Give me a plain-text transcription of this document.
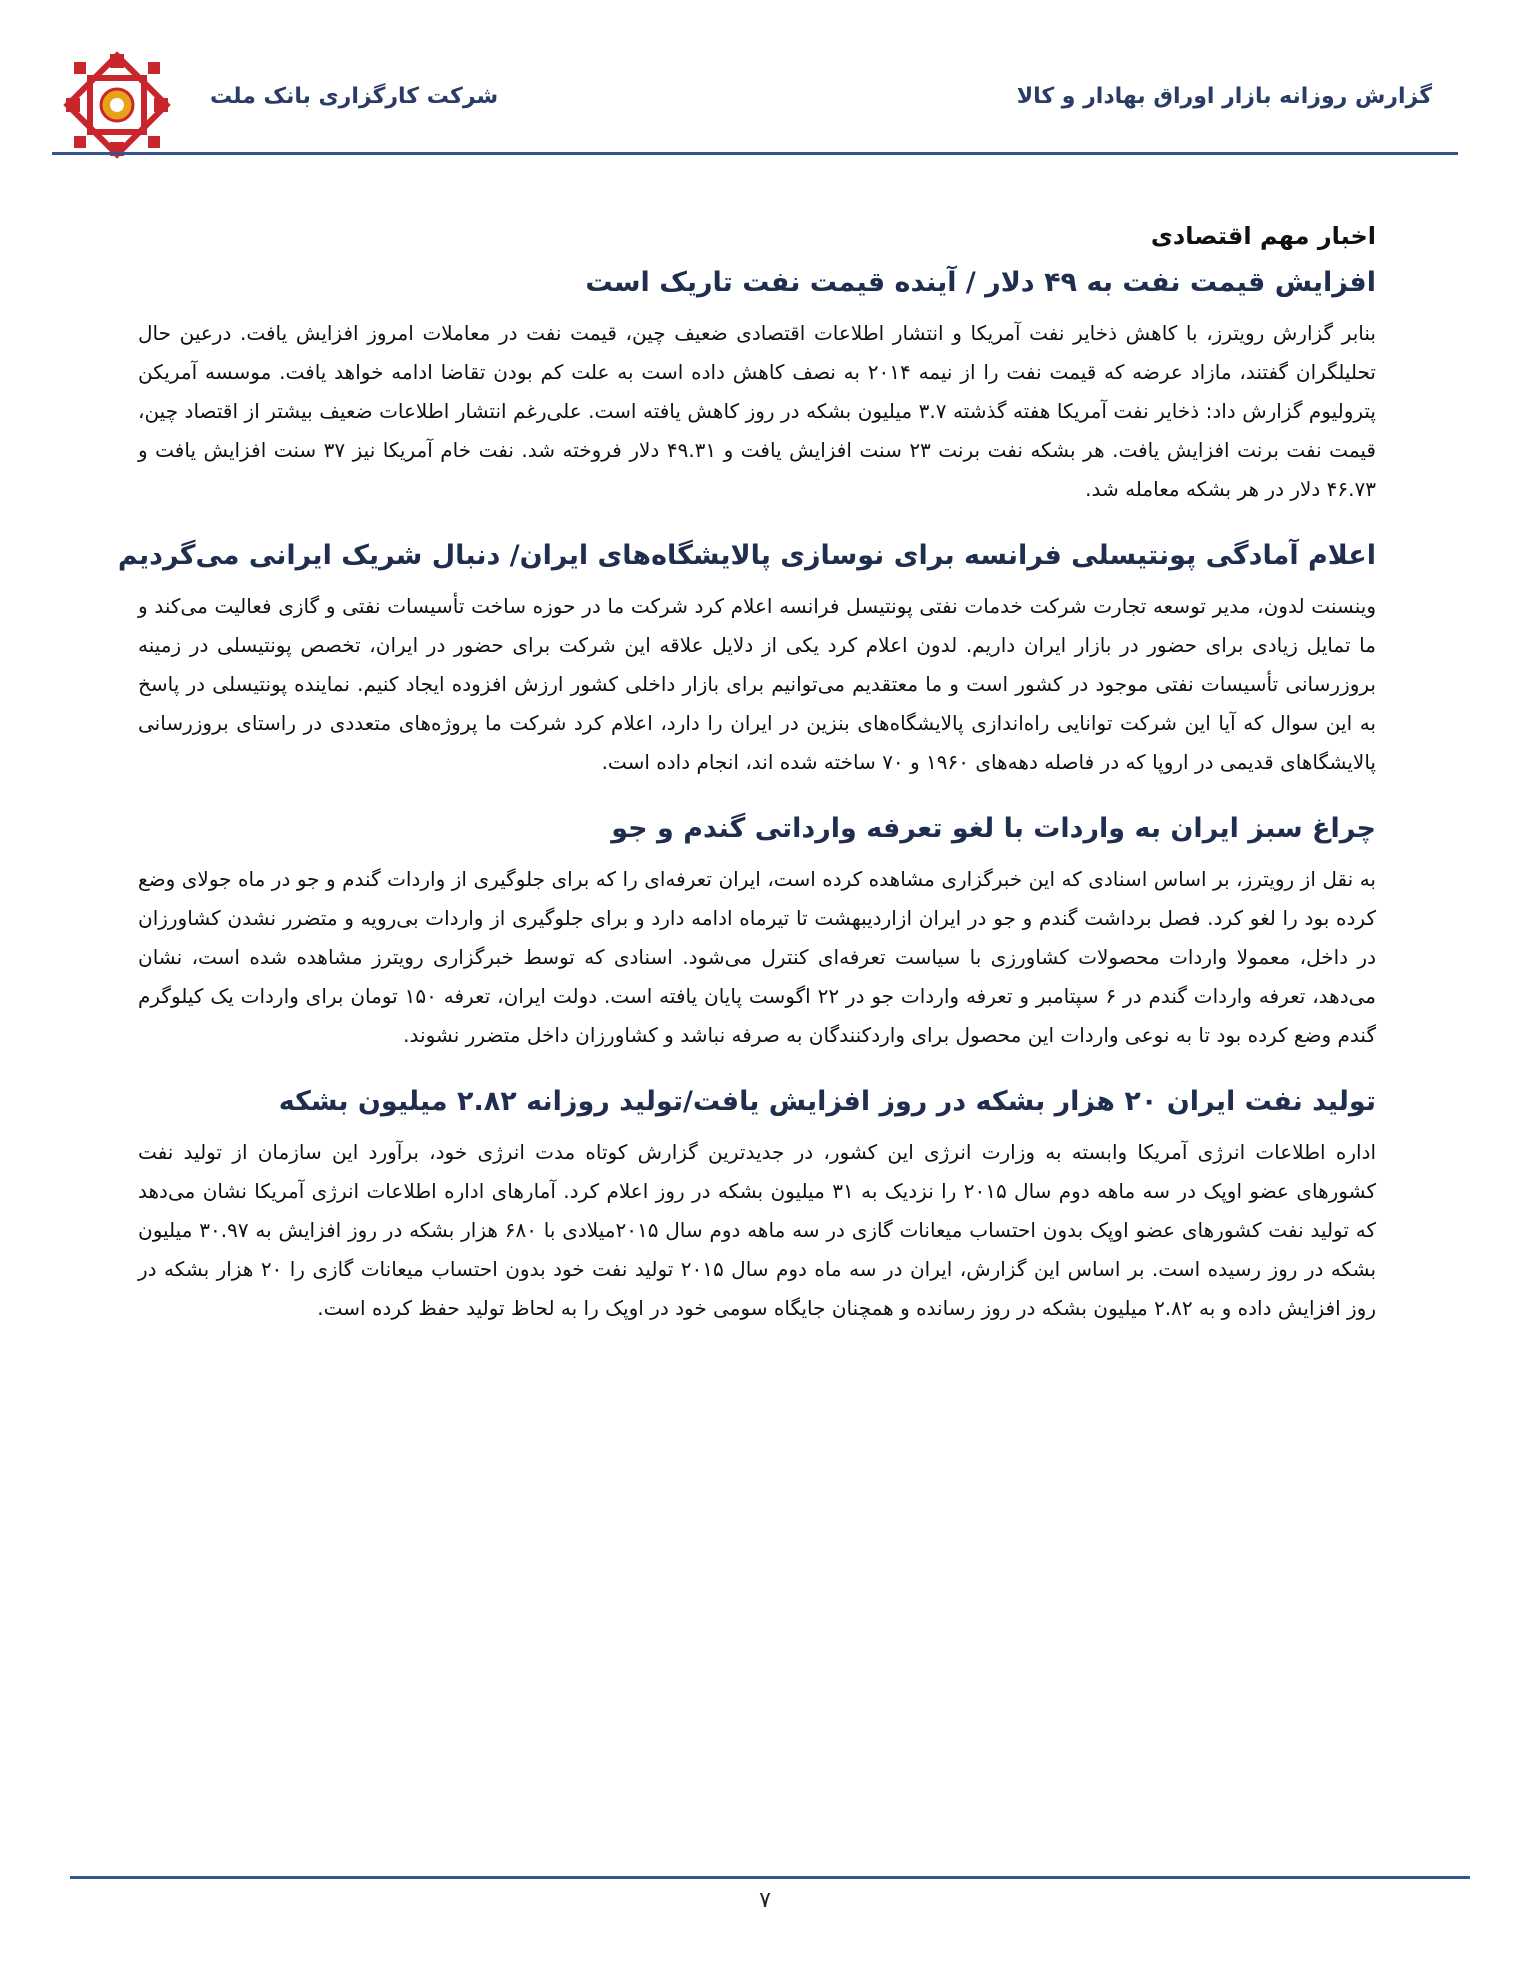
شرکت کارگزاری بانک ملت	گزارش روزانه بازار اوراق بهادار و کالا
اخبار مهم اقتصادی
افزایش قیمت نفت به ۴۹ دلار / آینده قیمت نفت تاریک است

بنابر گزارش رویترز، با کاهش ذخایر نفت آمریکا و انتشار اطلاعات اقتصادی ضعیف چین، قیمت نفت در معاملات امروز افزایش یافت. درعین حال تحلیلگران گفتند، مازاد عرضه که قیمت نفت را از نیمه ۲۰۱۴ به نصف کاهش داده است به علت کم بودن تقاضا ادامه خواهد یافت. موسسه آمریکن پترولیوم گزارش داد: ذخایر نفت آمریکا هفته گذشته ۳.۷ میلیون بشکه در روز کاهش یافته است. علی‌رغم انتشار اطلاعات ضعیف بیشتر از اقتصاد چین، قیمت نفت برنت افزایش یافت. هر بشکه نفت برنت ۲۳ سنت افزایش یافت و ۴۹.۳۱ دلار فروخته شد. نفت خام آمریکا نیز ۳۷ سنت افزایش یافت و ۴۶.۷۳ دلار در هر بشکه معامله شد.

اعلام آمادگی پونتیسلی فرانسه برای نوسازی پالایشگاه‌های ایران/ دنبال شریک ایرانی می‌گردیم

وینسنت لدون، مدیر توسعه تجارت شرکت خدمات نفتی پونتیسل فرانسه اعلام کرد شرکت ما در حوزه ساخت تأسیسات نفتی و گازی فعالیت می‌کند و ما تمایل زیادی برای حضور در بازار ایران داریم. لدون اعلام کرد یکی از دلایل علاقه این شرکت برای حضور در ایران، تخصص پونتیسلی در زمینه بروزرسانی تأسیسات نفتی موجود در کشور است و ما معتقدیم می‌توانیم برای بازار داخلی کشور ارزش افزوده ایجاد کنیم. نماینده پونتیسلی در پاسخ به این سوال که آیا این شرکت توانایی راه‌اندازی پالایشگاه‌های بنزین در ایران را دارد، اعلام کرد شرکت ما پروژه‌های متعددی در راستای بروزرسانی پالایشگاهای قدیمی در اروپا که در فاصله دهه‌های ۱۹۶۰ و ۷۰ ساخته شده اند، انجام داده است.

چراغ سبز ایران به واردات با لغو تعرفه وارداتی گندم و جو

به نقل از رویترز، بر اساس اسنادی که این خبرگزاری مشاهده کرده است، ایران تعرفه‌ای را که برای جلوگیری از واردات گندم و جو در ماه جولای وضع کرده بود را لغو کرد. فصل برداشت گندم و جو در ایران ازاردیبهشت تا تیرماه ادامه دارد و برای جلوگیری از واردات بی‌رویه و متضرر نشدن کشاورزان در داخل، معمولا واردات محصولات کشاورزی با سیاست تعرفه‌ای کنترل می‌شود. اسنادی که توسط خبرگزاری رویترز مشاهده شده است، نشان می‌دهد، تعرفه واردات گندم در ۶ سپتامبر و تعرفه واردات جو در ۲۲ اگوست پایان یافته است. دولت ایران، تعرفه ۱۵۰ تومان برای واردات یک کیلوگرم گندم وضع کرده بود تا به نوعی واردات این محصول برای واردکنندگان به صرفه نباشد و کشاورزان داخل متضرر نشوند.

تولید نفت ایران ۲۰ هزار بشکه در روز افزایش یافت/تولید روزانه ۲.۸۲ میلیون بشکه

اداره اطلاعات انرژی آمریکا وابسته به وزارت انرژی این کشور، در جدیدترین گزارش کوتاه مدت انرژی خود، برآورد این سازمان از تولید نفت کشورهای عضو اوپک در سه ماهه دوم سال ۲۰۱۵ را نزدیک به ۳۱ میلیون بشکه در روز اعلام کرد. آمارهای اداره اطلاعات انرژی آمریکا نشان می‌دهد که تولید نفت کشورهای عضو اوپک بدون احتساب میعانات گازی در سه ماهه دوم سال ۲۰۱۵میلادی با ۶۸۰ هزار بشکه در روز افزایش به ۳۰.۹۷ میلیون بشکه در روز رسیده است. بر اساس این گزارش، ایران در سه ماه دوم سال ۲۰۱۵ تولید نفت خود بدون احتساب میعانات گازی را ۲۰ هزار بشکه در روز افزایش داده و به ۲.۸۲ میلیون بشکه در روز رسانده و همچنان جایگاه سومی خود در اوپک را به لحاظ تولید حفظ کرده است.

۷
